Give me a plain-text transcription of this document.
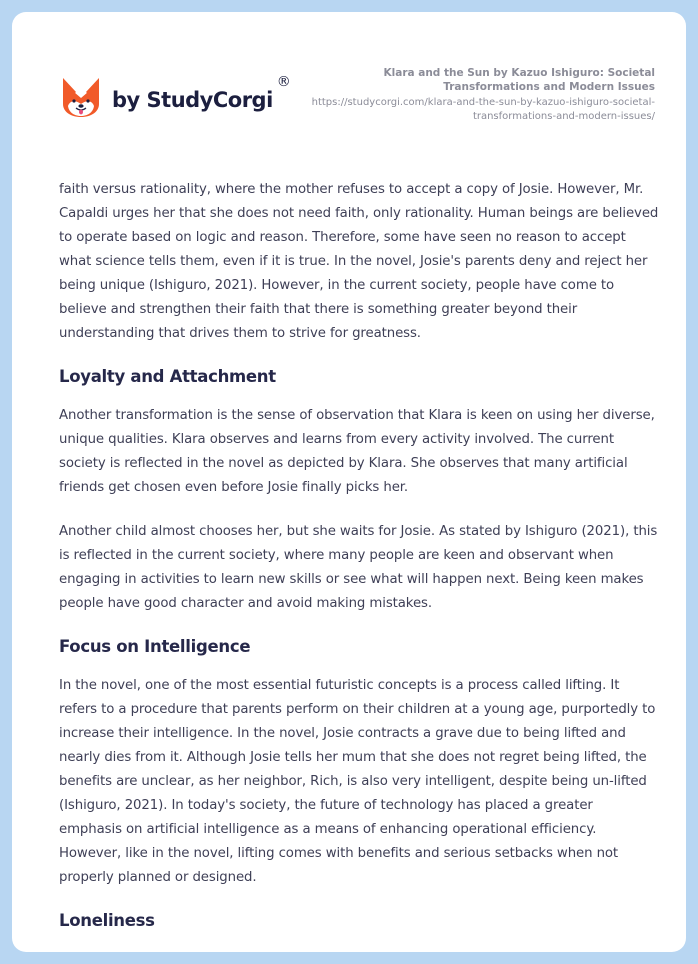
by StudyCorgi
®
Klara and the Sun by Kazuo Ishiguro: Societal Transformations and Modern Issues
https://studycorgi.com/klara-and-the-sun-by-kazuo-ishiguro-societal-transformations-and-modern-issues/

faith versus rationality, where the mother refuses to accept a copy of Josie. However, Mr. Capaldi urges her that she does not need faith, only rationality. Human beings are believed to operate based on logic and reason. Therefore, some have seen no reason to accept what science tells them, even if it is true. In the novel, Josie's parents deny and reject her being unique (Ishiguro, 2021). However, in the current society, people have come to believe and strengthen their faith that there is something greater beyond their understanding that drives them to strive for greatness.

Loyalty and Attachment

Another transformation is the sense of observation that Klara is keen on using her diverse, unique qualities. Klara observes and learns from every activity involved. The current society is reflected in the novel as depicted by Klara. She observes that many artificial friends get chosen even before Josie finally picks her.

Another child almost chooses her, but she waits for Josie. As stated by Ishiguro (2021), this is reflected in the current society, where many people are keen and observant when engaging in activities to learn new skills or see what will happen next. Being keen makes people have good character and avoid making mistakes.

Focus on Intelligence

In the novel, one of the most essential futuristic concepts is a process called lifting. It refers to a procedure that parents perform on their children at a young age, purportedly to increase their intelligence. In the novel, Josie contracts a grave due to being lifted and nearly dies from it. Although Josie tells her mum that she does not regret being lifted, the benefits are unclear, as her neighbor, Rich, is also very intelligent, despite being un-lifted (Ishiguro, 2021). In today's society, the future of technology has placed a greater emphasis on artificial intelligence as a means of enhancing operational efficiency. However, like in the novel, lifting comes with benefits and serious setbacks when not properly planned or designed.

Loneliness
